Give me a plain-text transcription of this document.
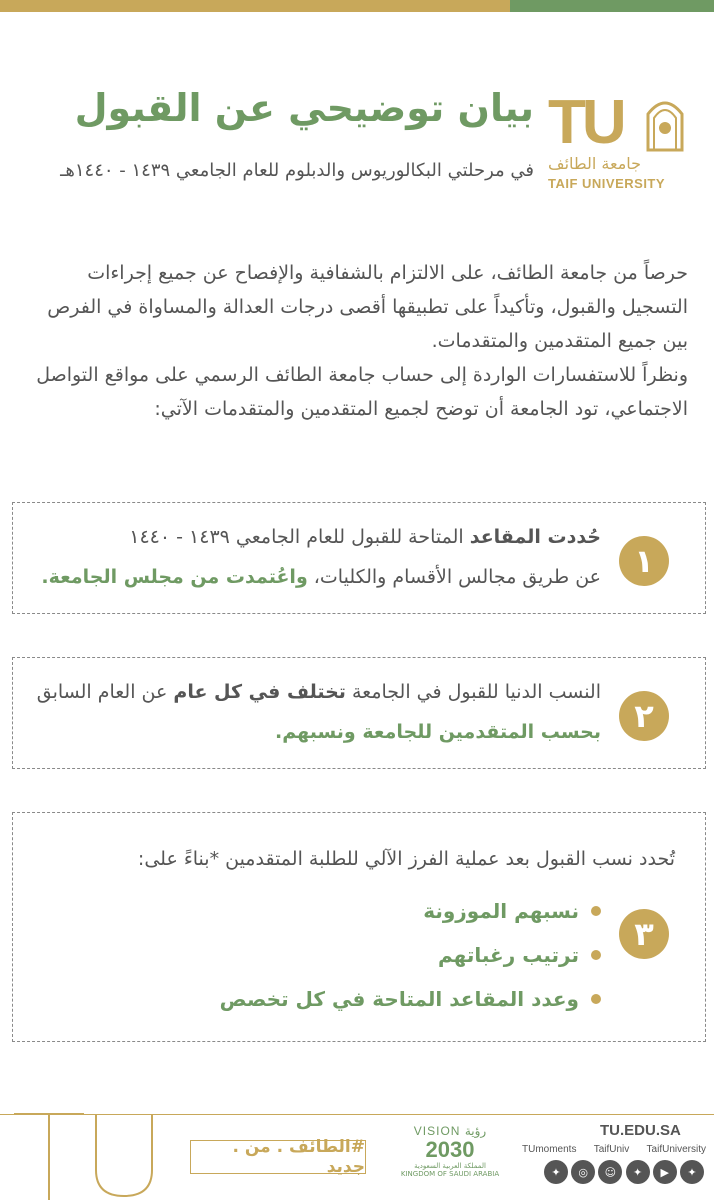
بيان توضيحي عن القبول
في مرحلتي البكالوريوس والدبلوم للعام الجامعي ١٤٣٩ - ١٤٤٠هـ
TU
جامعة الطائف
TAIF UNIVERSITY

حرصاً من جامعة الطائف، على الالتزام بالشفافية والإفصاح عن جميع إجراءات التسجيل والقبول، وتأكيداً على تطبيقها أقصى درجات العدالة والمساواة في الفرص بين جميع المتقدمين والمتقدمات.

ونظراً للاستفسارات الواردة إلى حساب جامعة الطائف الرسمي على مواقع التواصل الاجتماعي، تود الجامعة أن توضح لجميع المتقدمين والمتقدمات الآتي:

١
حُددت المقاعد المتاحة للقبول للعام الجامعي ١٤٣٩ - ١٤٤٠
عن طريق مجالس الأقسام والكليات، واعُتمدت من مجلس الجامعة.
٢
النسب الدنيا للقبول في الجامعة تختلف في كل عام عن العام السابق
بحسب المتقدمين للجامعة ونسبهم.
٣
تُحدد نسب القبول بعد عملية الفرز الآلي للطلبة المتقدمين *بناءً على:
نسبهم الموزونة
ترتيب رغباتهم
وعدد المقاعد المتاحة في كل تخصص
#الطائف . من . جديد
VISION رؤية
2030
المملكة العربية السعودية
KINGDOM OF SAUDI ARABIA
TU.EDU.SA
TUmoments TaifUniv TaifUniversity
✦	◎	☺	✦	▶	✦
